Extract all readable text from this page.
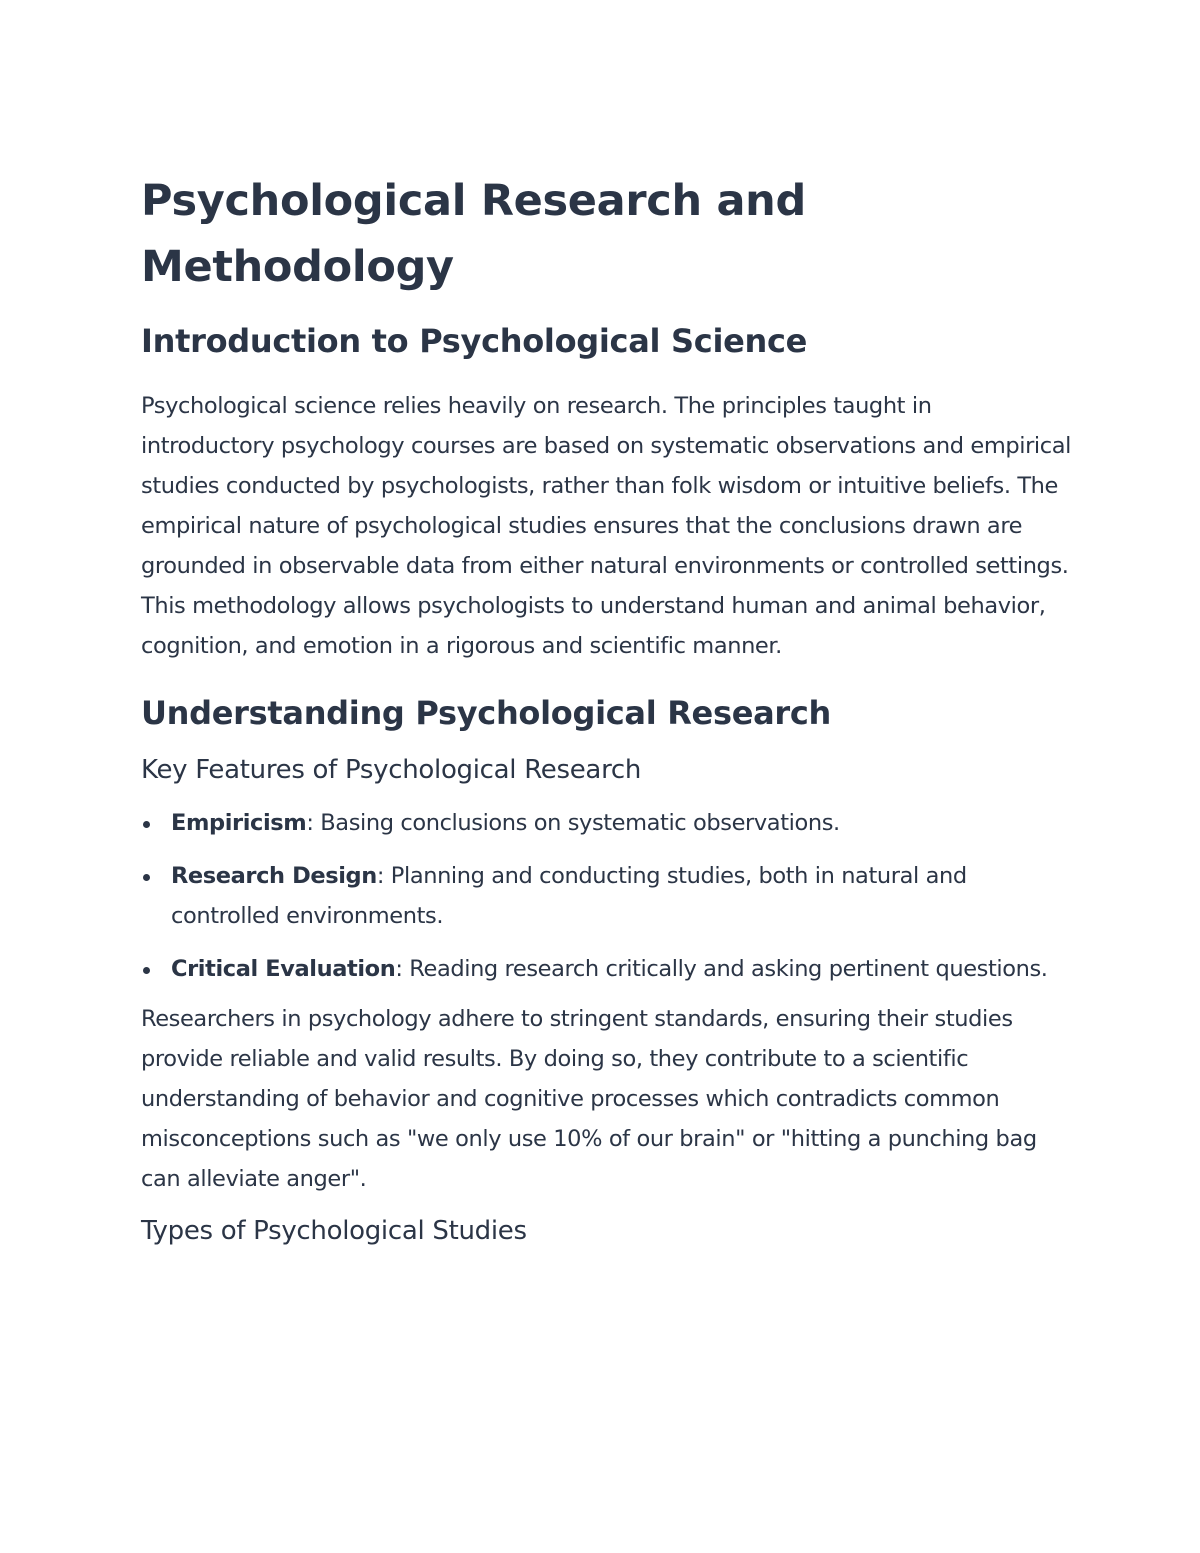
Psychological Research and Methodology
Introduction to Psychological Science

Psychological science relies heavily on research. The principles taught in introductory psychology courses are based on systematic observations and empirical studies conducted by psychologists, rather than folk wisdom or intuitive beliefs. The empirical nature of psychological studies ensures that the conclusions drawn are grounded in observable data from either natural environments or controlled settings. This methodology allows psychologists to understand human and animal behavior, cognition, and emotion in a rigorous and scientific manner.

Understanding Psychological Research
Key Features of Psychological Research
Empiricism: Basing conclusions on systematic observations.
Research Design: Planning and conducting studies, both in natural and controlled environments.
Critical Evaluation: Reading research critically and asking pertinent questions.

Researchers in psychology adhere to stringent standards, ensuring their studies provide reliable and valid results. By doing so, they contribute to a scientific understanding of behavior and cognitive processes which contradicts common misconceptions such as "we only use 10% of our brain" or "hitting a punching bag can alleviate anger".

Types of Psychological Studies
